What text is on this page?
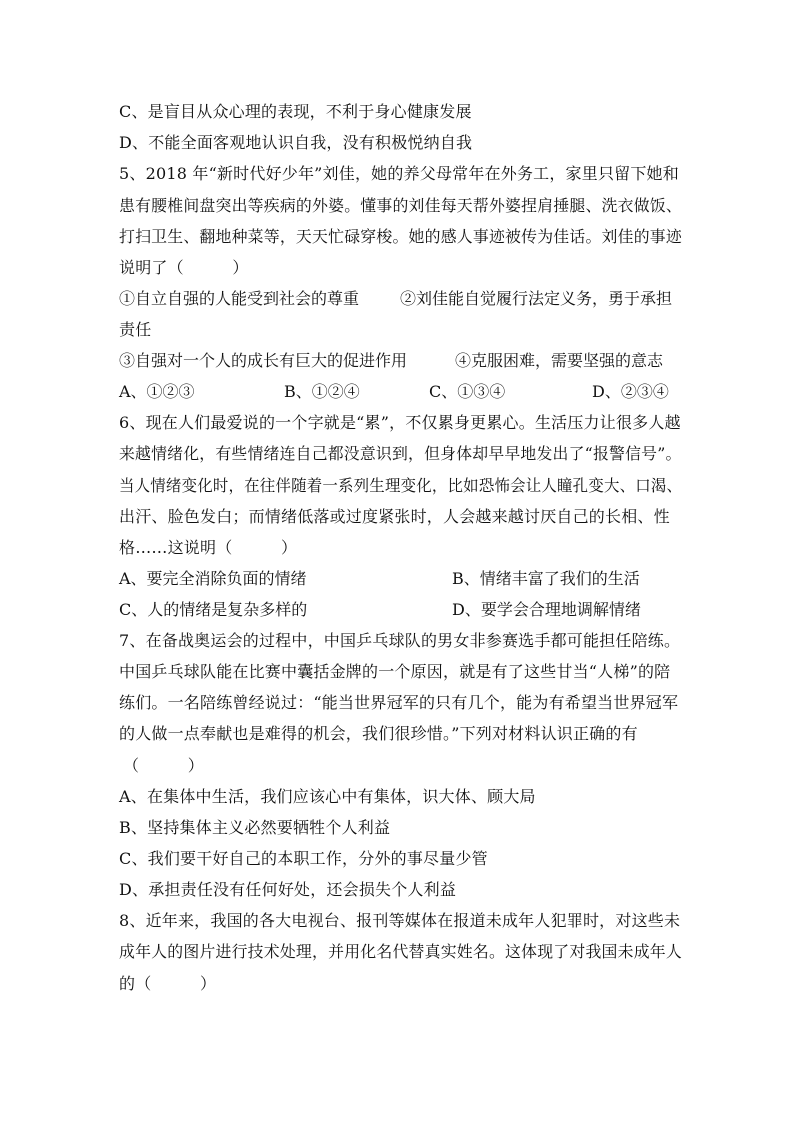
C、是盲目从众心理的表现，不利于身心健康发展
D、不能全面客观地认识自我，没有积极悦纳自我
5、2018 年“新时代好少年”刘佳，她的养父母常年在外务工，家里只留下她和
患有腰椎间盘突出等疾病的外婆。懂事的刘佳每天帮外婆捏肩捶腿、洗衣做饭、
打扫卫生、翻地种菜等，天天忙碌穿梭。她的感人事迹被传为佳话。刘佳的事迹
说明了（　　　）
①自立自强的人能受到社会的尊重	②刘佳能自觉履行法定义务，勇于承担
责任
③自强对一个人的成长有巨大的促进作用	④克服困难，需要坚强的意志
A、①②③	B、①②④	C、①③④	D、②③④
6、现在人们最爱说的一个字就是“累”，不仅累身更累心。生活压力让很多人越
来越情绪化，有些情绪连自己都没意识到，但身体却早早地发出了“报警信号”。
当人情绪变化时，在往伴随着一系列生理变化，比如恐怖会让人瞳孔变大、口渴、
出汗、脸色发白；而情绪低落或过度紧张时，人会越来越讨厌自己的长相、性
格……这说明（　　　）
A、要完全消除负面的情绪	B、情绪丰富了我们的生活
C、人的情绪是复杂多样的	D、要学会合理地调解情绪
7、在备战奥运会的过程中，中国乒乓球队的男女非参赛选手都可能担任陪练。
中国乒乓球队能在比赛中囊括金牌的一个原因，就是有了这些甘当“人梯”的陪
练们。一名陪练曾经说过：“能当世界冠军的只有几个，能为有希望当世界冠军
的人做一点奉献也是难得的机会，我们很珍惜。”下列对材料认识正确的有
（　　　）
A、在集体中生活，我们应该心中有集体，识大体、顾大局
B、坚持集体主义必然要牺牲个人利益
C、我们要干好自己的本职工作，分外的事尽量少管
D、承担责任没有任何好处，还会损失个人利益
8、近年来，我国的各大电视台、报刊等媒体在报道未成年人犯罪时，对这些未
成年人的图片进行技术处理，并用化名代替真实姓名。这体现了对我国未成年人
的（　　　）
